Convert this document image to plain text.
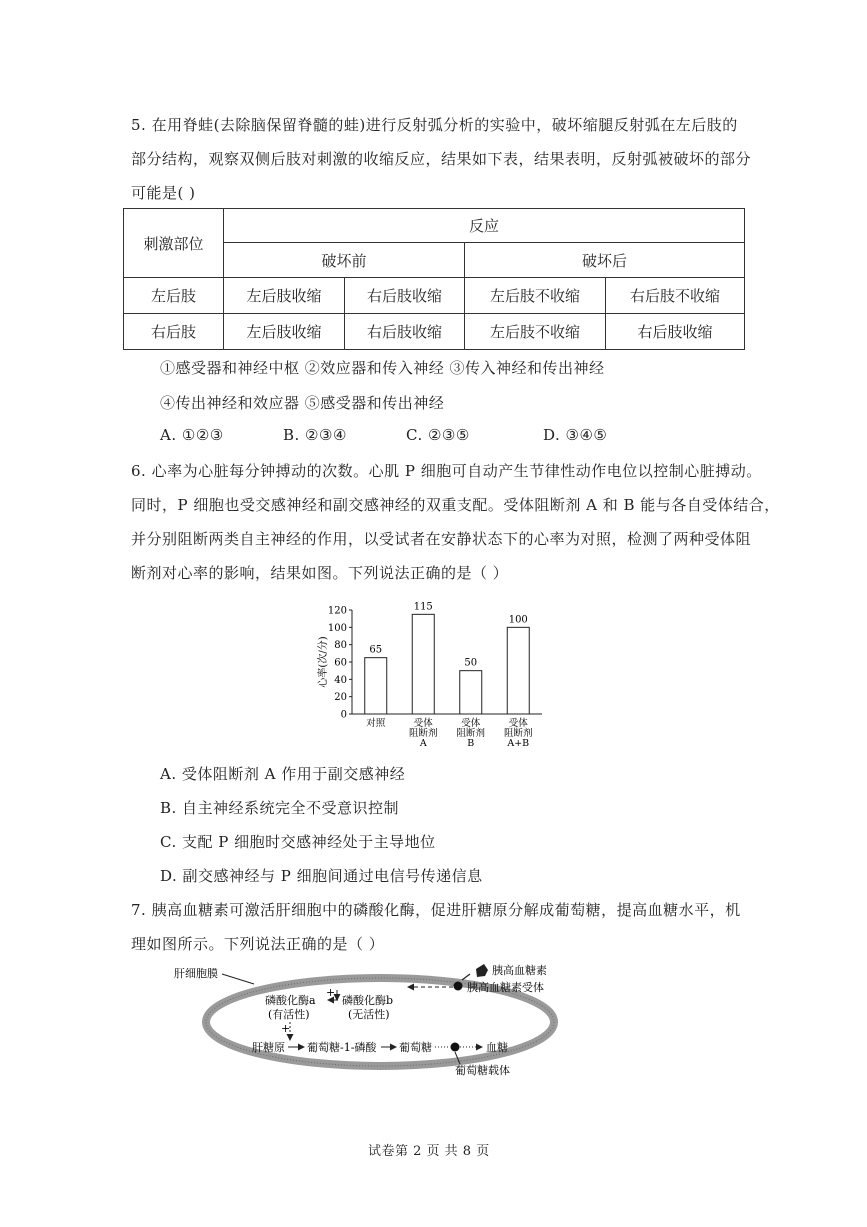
5. 在用脊蛙(去除脑保留脊髓的蛙)进行反射弧分析的实验中，破坏缩腿反射弧在左后肢的
部分结构，观察双侧后肢对刺激的收缩反应，结果如下表，结果表明，反射弧被破坏的部分
可能是( )
刺激部位	反应			
	破坏前		破坏后	
左后肢	左后肢收缩	右后肢收缩	左后肢不收缩	右后肢不收缩
右后肢	左后肢收缩	右后肢收缩	左后肢不收缩	右后肢收缩
①感受器和神经中枢 ②效应器和传入神经 ③传入神经和传出神经
④传出神经和效应器 ⑤感受器和传出神经
A. ①②③	B. ②③④	C. ②③⑤	D. ③④⑤
6. 心率为心脏每分钟搏动的次数。心肌 P 细胞可自动产生节律性动作电位以控制心脏搏动。
同时，P 细胞也受交感神经和副交感神经的双重支配。受体阻断剂 A 和 B 能与各自受体结合，
并分别阻断两类自主神经的作用，以受试者在安静状态下的心率为对照，检测了两种受体阻
断剂对心率的影响，结果如图。下列说法正确的是（ ）
0
20
40
60
80
100
120
心率(次/分)	65
对照
115
受体
阻断剂
A
50
受体
阻断剂
B
100
受体
阻断剂
A+B
A. 受体阻断剂 A 作用于副交感神经
B. 自主神经系统完全不受意识控制
C. 支配 P 细胞时交感神经处于主导地位
D. 副交感神经与 P 细胞间通过电信号传递信息
7. 胰高血糖素可激活肝细胞中的磷酸化酶，促进肝糖原分解成葡萄糖，提高血糖水平，机
理如图所示。下列说法正确的是（ ）
肝细胞膜	胰高血糖素
胰高血糖素受体
磷酸化酶a
(有活性)
磷酸化酶b
(无活性)
+
+
肝糖原 葡萄糖-1-磷酸 葡萄糖	血糖
葡萄糖载体
试卷第 2 页 共 8 页
